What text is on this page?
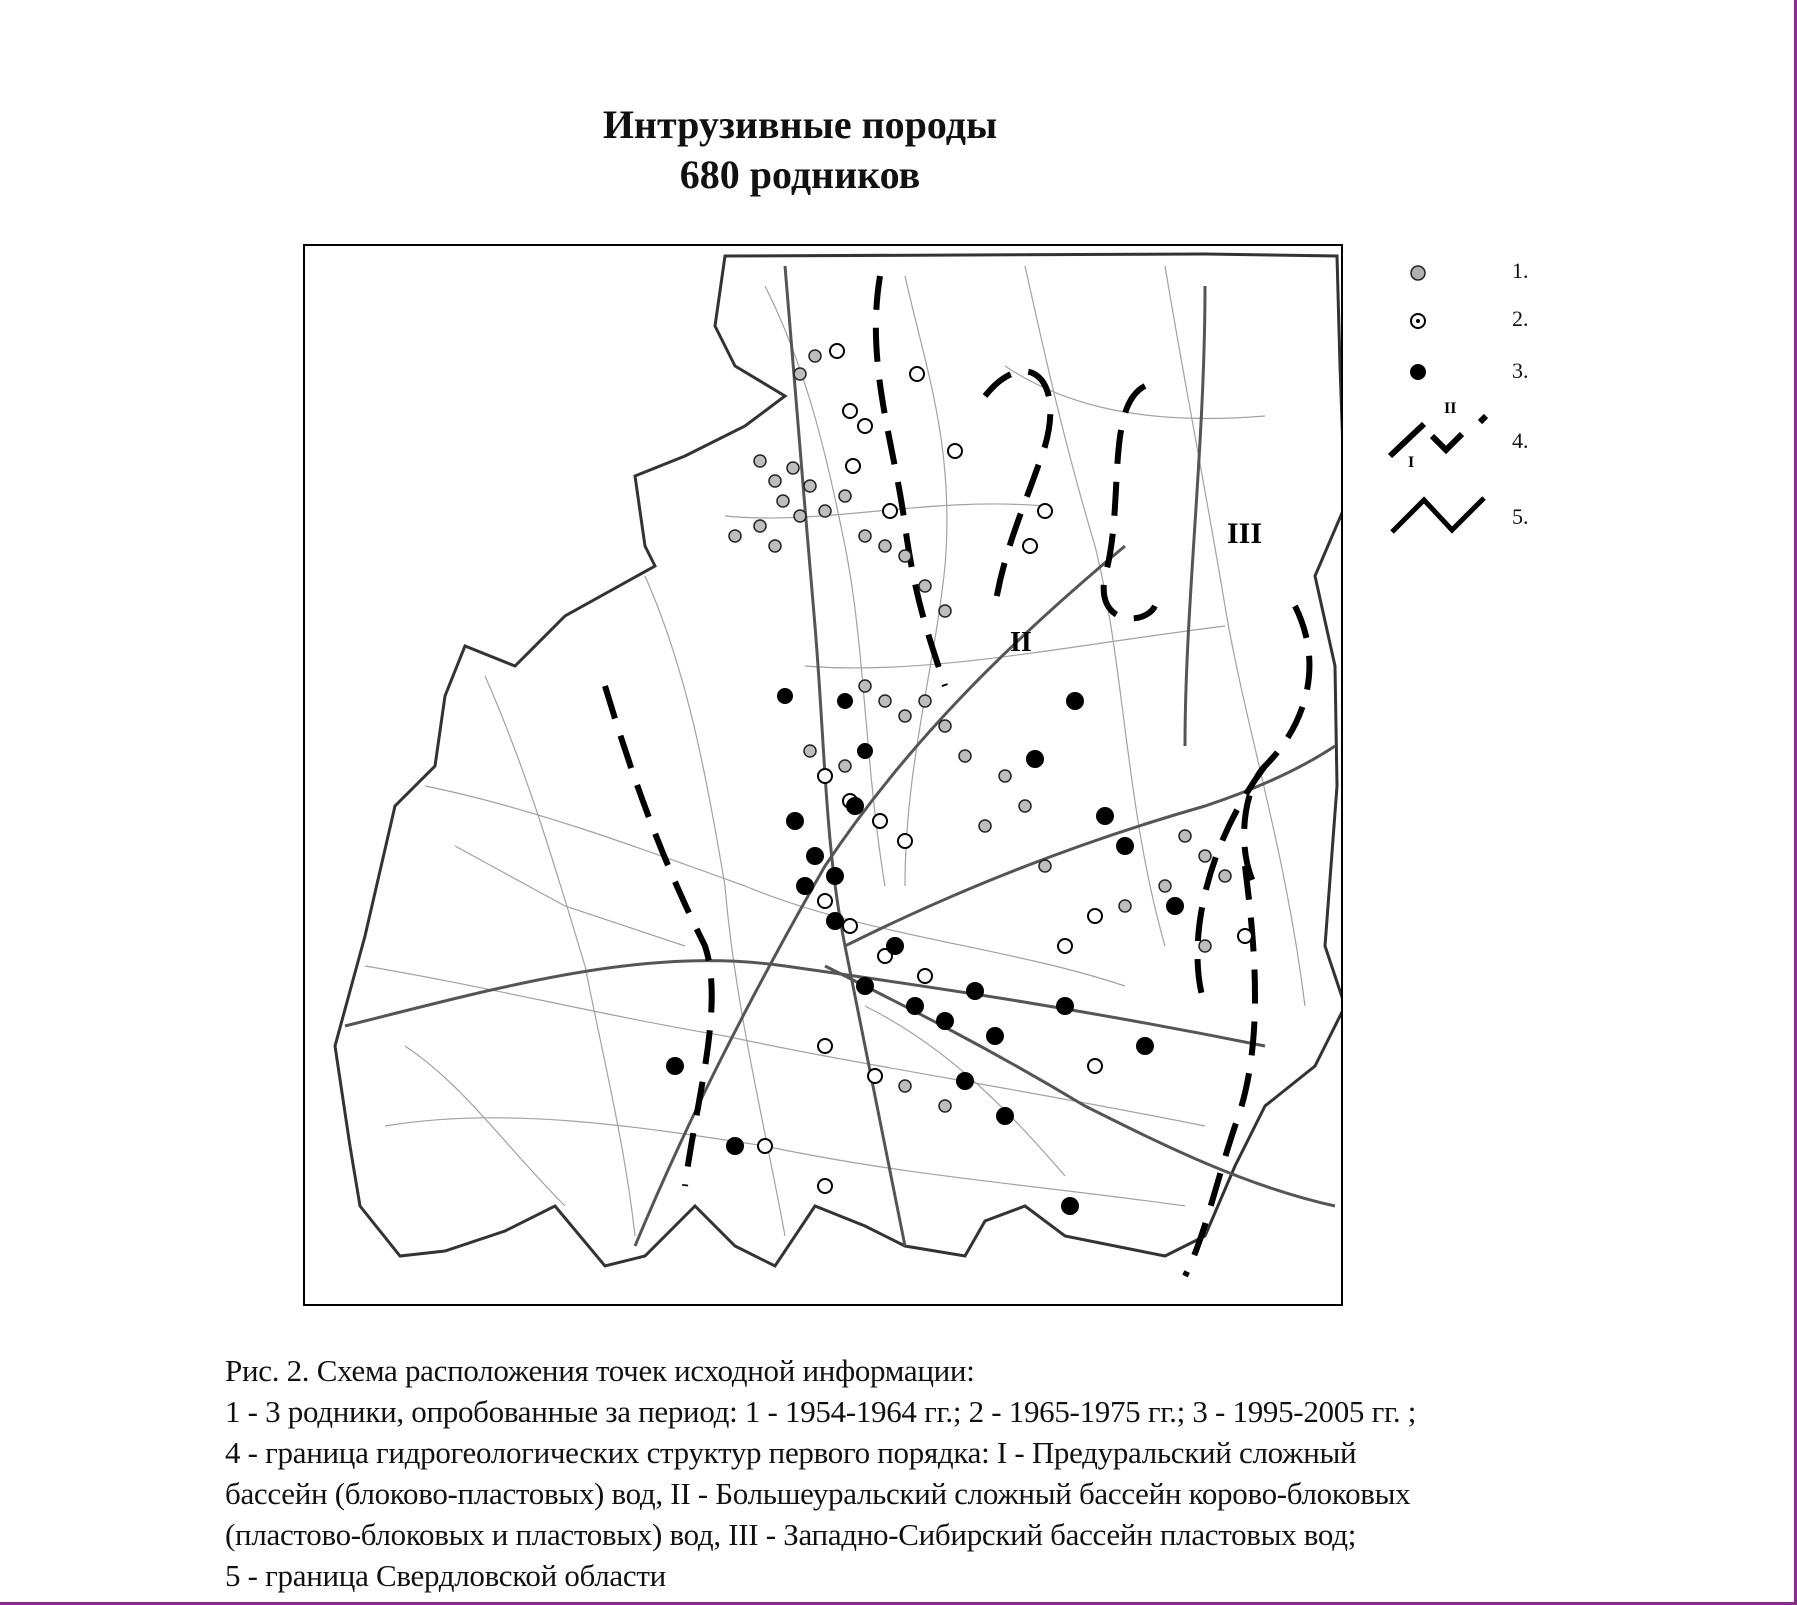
Интрузивные породы
680 родников
II
III
I
II
1.
2.
3.
4.
5.
Рис. 2. Схема расположения точек исходной информации:
1 - 3 родники, опробованные за период: 1 - 1954-1964 гг.; 2 - 1965-1975 гг.; 3 - 1995-2005 гг. ;
4 - граница гидрогеологических структур первого порядка: I - Предуральский сложный
бассейн (блоково-пластовых) вод, II - Большеуральский сложный бассейн корово-блоковых
(пластово-блоковых и пластовых) вод, III - Западно-Сибирский бассейн пластовых вод;
5 - граница Свердловской области
